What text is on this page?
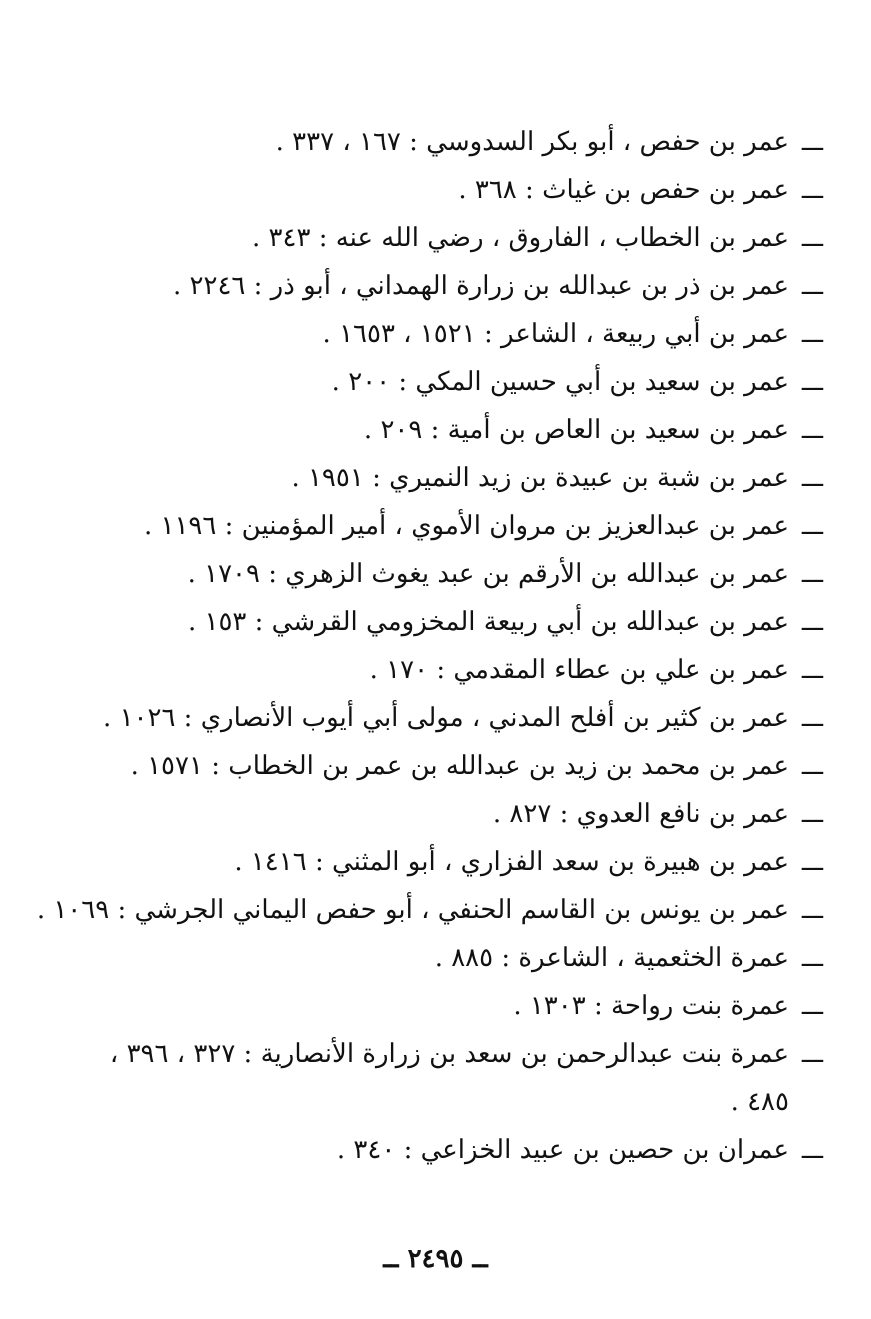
ـــ
عمر بن حفص ، أبو بكر السدوسي : ١٦٧ ، ٣٣٧ .
ـــ
عمر بن حفص بن غياث : ٣٦٨ .
ـــ
عمر بن الخطاب ، الفاروق ، رضي الله عنه : ٣٤٣ .
ـــ
عمر بن ذر بن عبدالله بن زرارة الهمداني ، أبو ذر : ٢٢٤٦ .
ـــ
عمر بن أبي ربيعة ، الشاعر : ١٥٢١ ، ١٦٥٣ .
ـــ
عمر بن سعيد بن أبي حسين المكي : ٢٠٠ .
ـــ
عمر بن سعيد بن العاص بن أمية : ٢٠٩ .
ـــ
عمر بن شبة بن عبيدة بن زيد النميري : ١٩٥١ .
ـــ
عمر بن عبدالعزيز بن مروان الأموي ، أمير المؤمنين : ١١٩٦ .
ـــ
عمر بن عبدالله بن الأرقم بن عبد يغوث الزهري : ١٧٠٩ .
ـــ
عمر بن عبدالله بن أبي ربيعة المخزومي القرشي : ١٥٣ .
ـــ
عمر بن علي بن عطاء المقدمي : ١٧٠ .
ـــ
عمر بن كثير بن أفلح المدني ، مولى أبي أيوب الأنصاري : ١٠٢٦ .
ـــ
عمر بن محمد بن زيد بن عبدالله بن عمر بن الخطاب : ١٥٧١ .
ـــ
عمر بن نافع العدوي : ٨٢٧ .
ـــ
عمر بن هبيرة بن سعد الفزاري ، أبو المثني : ١٤١٦ .
ـــ
عمر بن يونس بن القاسم الحنفي ، أبو حفص اليماني الجرشي : ١٠٦٩ .
ـــ
عمرة الخثعمية ، الشاعرة : ٨٨٥ .
ـــ
عمرة بنت رواحة : ١٣٠٣ .
ـــ
عمرة بنت عبدالرحمن بن سعد بن زرارة الأنصارية : ٣٢٧ ، ٣٩٦ ، ٤٨٥ .
ـــ
عمران بن حصين بن عبيد الخزاعي : ٣٤٠ .
ــ ٢٤٩٥ ــ
